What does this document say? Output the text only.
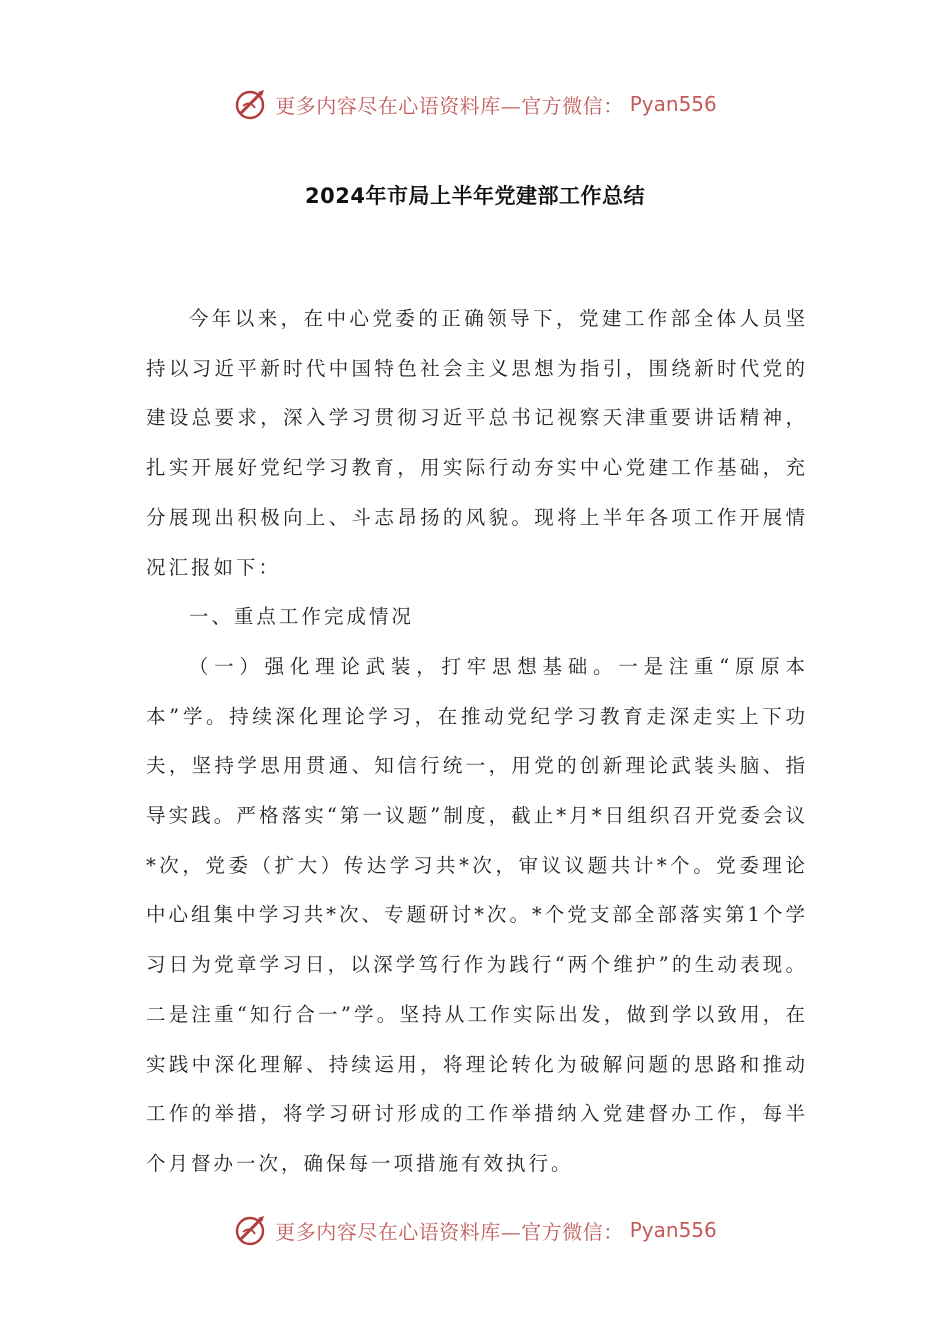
更多内容尽在心语资料库—官方微信： Pyan556
2024年市局上半年党建部工作总结

今年以来，在中心党委的正确领导下，党建工作部全体人员坚持以习近平新时代中国特色社会主义思想为指引，围绕新时代党的建设总要求，深入学习贯彻习近平总书记视察天津重要讲话精神，扎实开展好党纪学习教育，用实际行动夯实中心党建工作基础，充分展现出积极向上、斗志昂扬的风貌。现将上半年各项工作开展情况汇报如下：

一、重点工作完成情况

（一）强化理论武装，打牢思想基础。一是注重“原原本本”学。持续深化理论学习，在推动党纪学习教育走深走实上下功夫，坚持学思用贯通、知信行统一，用党的创新理论武装头脑、指导实践。严格落实“第一议题”制度，截止*月*日组织召开党委会议*次，党委（扩大）传达学习共*次，审议议题共计*个。党委理论中心组集中学习共*次、专题研讨*次。*个党支部全部落实第1个学习日为党章学习日，以深学笃行作为践行“两个维护”的生动表现。二是注重“知行合一”学。坚持从工作实际出发，做到学以致用，在实践中深化理解、持续运用，将理论转化为破解问题的思路和推动工作的举措，将学习研讨形成的工作举措纳入党建督办工作，每半个月督办一次，确保每一项措施有效执行。

更多内容尽在心语资料库—官方微信： Pyan556
